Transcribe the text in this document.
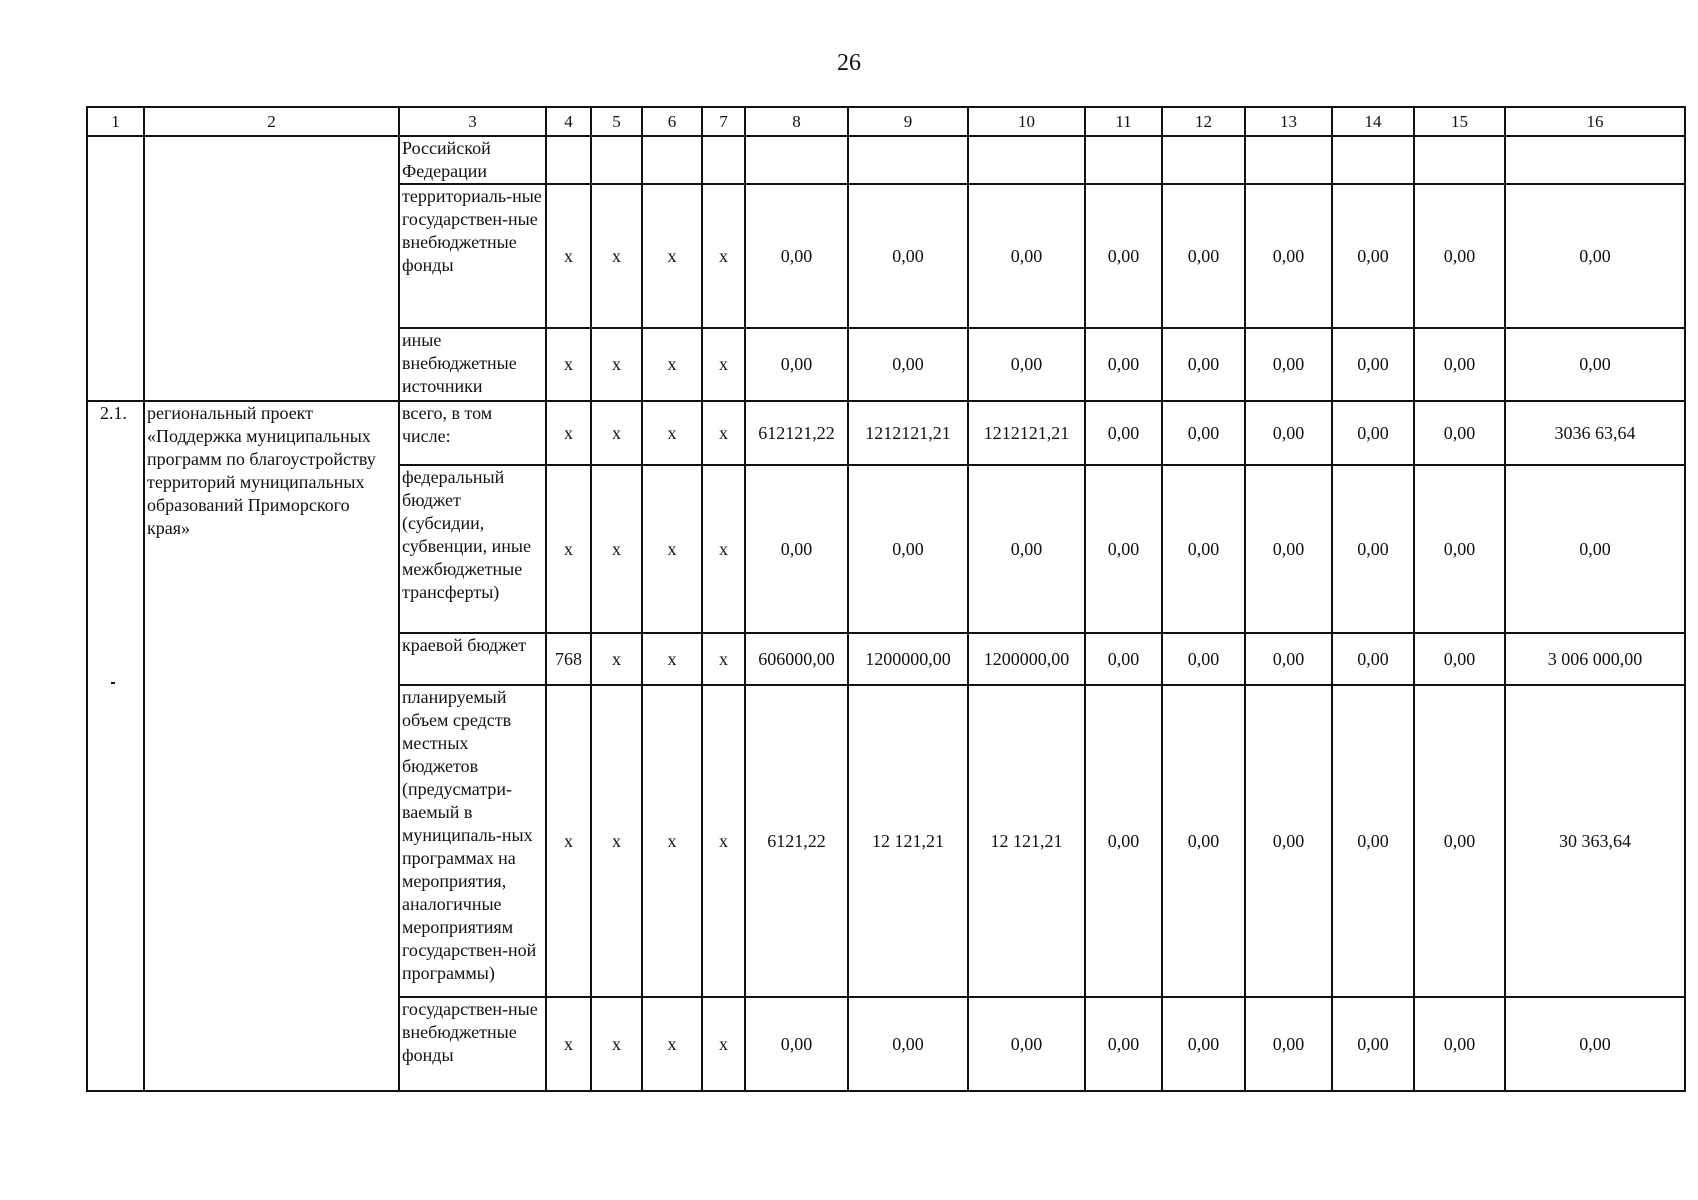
26
1	2	3	4	5	6	7	8	9	10	11	12	13	14	15	16
		Российской Федерации													
		территориаль-ные государствен-ные внебюджетные фонды	x	x	x	x	0,00	0,00	0,00	0,00	0,00	0,00	0,00	0,00	0,00
		иные внебюджетные источники	x	x	x	x	0,00	0,00	0,00	0,00	0,00	0,00	0,00	0,00	0,00
2.1.	региональный проект «Поддержка муниципальных программ по благоустройству территорий муниципальных образований Приморского края»	всего, в том числе:	x	x	x	x	612121,22	1212121,21	1212121,21	0,00	0,00	0,00	0,00	0,00	3036 63,64
		федеральный бюджет (субсидии, субвенции, иные межбюджетные трансферты)	x	x	x	x	0,00	0,00	0,00	0,00	0,00	0,00	0,00	0,00	0,00
		краевой бюджет	768	x	x	x	606000,00	1200000,00	1200000,00	0,00	0,00	0,00	0,00	0,00	3 006 000,00
		планируемый объем средств местных бюджетов (предусматри-ваемый в муниципаль-ных программах на мероприятия, аналогичные мероприятиям государствен-ной программы)	x	x	x	x	6121,22	12 121,21	12 121,21	0,00	0,00	0,00	0,00	0,00	30 363,64
		государствен-ные внебюджетные фонды	x	x	x	x	0,00	0,00	0,00	0,00	0,00	0,00	0,00	0,00	0,00
